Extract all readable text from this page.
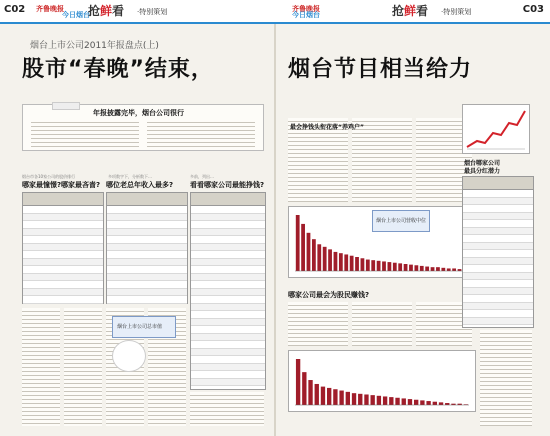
C02 齐鲁晚报
今日烟台
抢鲜看 ·特别策划	齐鲁晚报
今日烟台	抢鲜看 ·特别策划	C03
烟台上市公司2011年报盘点(上)
股市“春晚”结束，	烟台节目相当给力
年报披露完毕，烟台公司很行
烟台市各10家公司的股价排行	多项数字下，分析数下…	多前，列出…
哪家最憧憬?哪家最吝啬? 哪位老总年收入最多? 看看哪家公司最能挣钱?
烟台上市公司总市值
最会挣钱头衔花落“养鸡户”
烟台上市公司营收中位
哪家公司最会为股民赚钱?
烟台哪家公司
最具分红潜力
